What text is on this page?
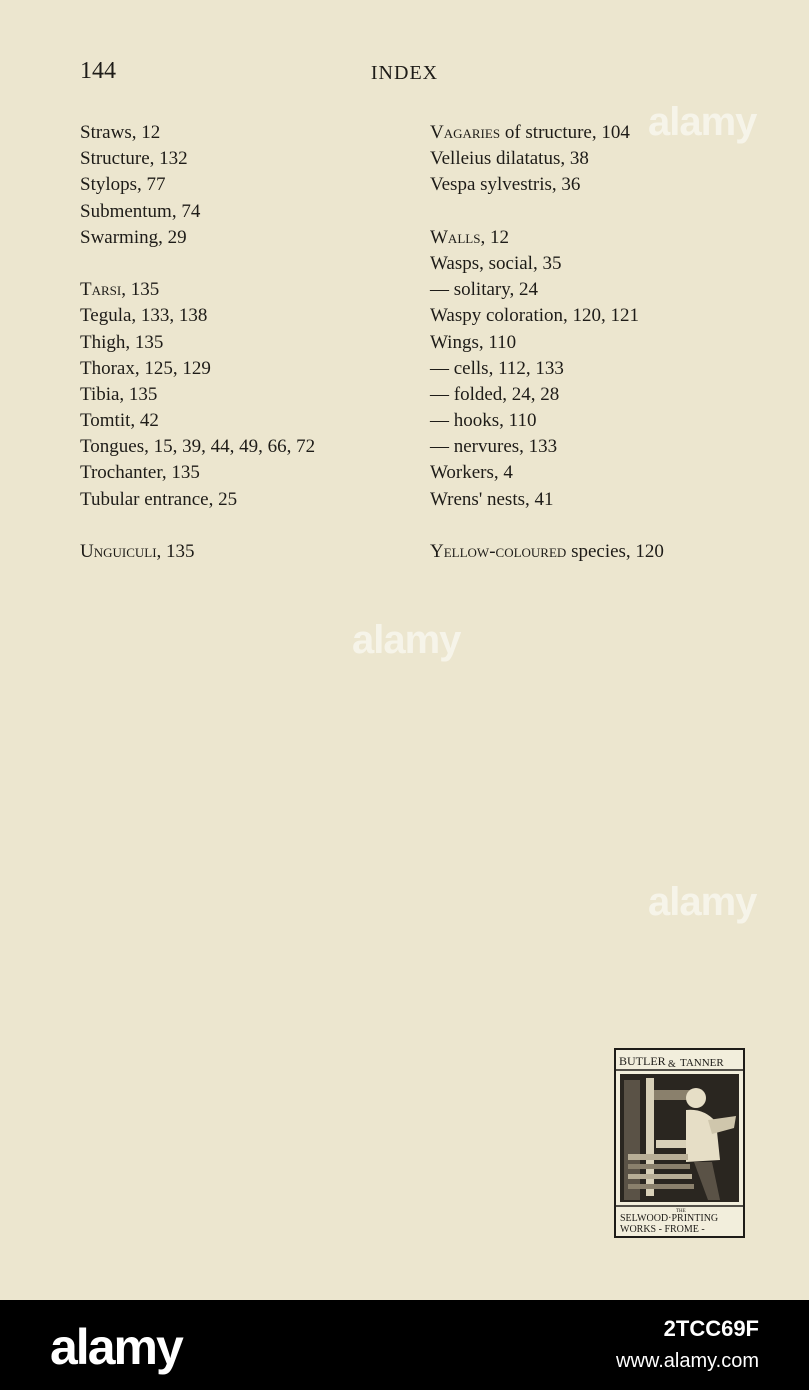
144	INDEX
Straws, 12
Structure, 132
Stylops, 77
Submentum, 74
Swarming, 29
Tarsi, 135
Tegula, 133, 138
Thigh, 135
Thorax, 125, 129
Tibia, 135
Tomtit, 42
Tongues, 15, 39, 44, 49, 66, 72
Trochanter, 135
Tubular entrance, 25
Unguiculi, 135
Vagaries of structure, 104
Velleius dilatatus, 38
Vespa sylvestris, 36
Walls, 12
Wasps, social, 35
— solitary, 24
Waspy coloration, 120, 121
Wings, 110
— cells, 112, 133
— folded, 24, 28
— hooks, 110
— nervures, 133
Workers, 4
Wrens' nests, 41
Yellow-coloured species, 120
alamy
alamy
alamy
BUTLER & TANNER
THE
SELWOOD·PRINTING
WORKS - FROME -
alamy	2TCC69F
www.alamy.com
